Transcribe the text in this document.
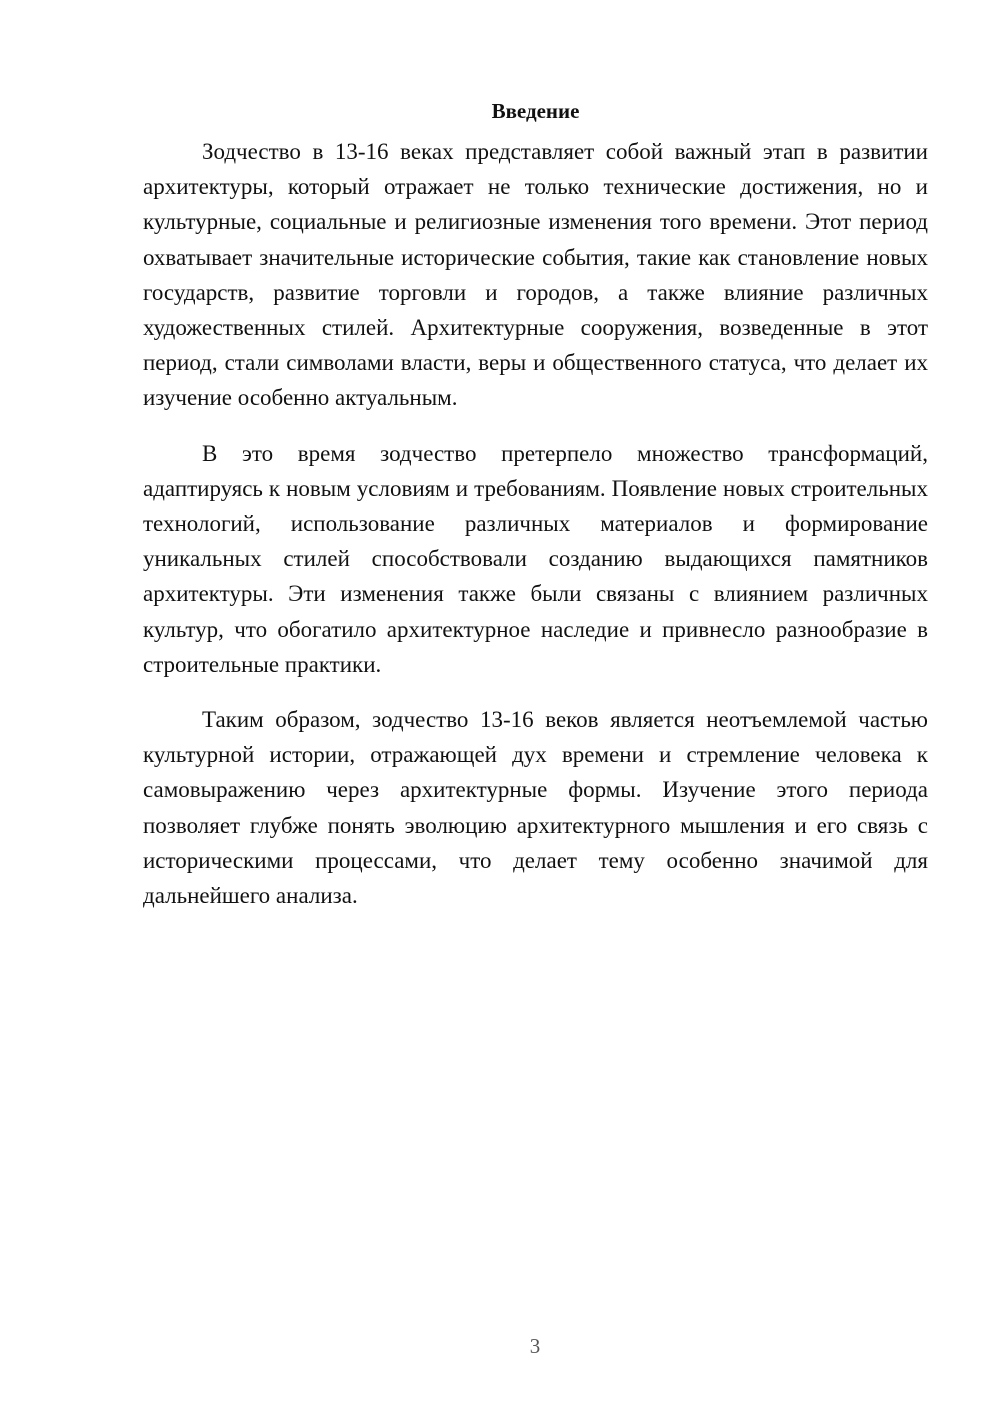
Введение

Зодчество в 13-16 веках представляет собой важный этап в развитии архитектуры, который отражает не только технические достижения, но и культурные, социальные и религиозные изменения того времени. Этот период охватывает значительные исторические события, такие как становление новых государств, развитие торговли и городов, а также влияние различных художественных стилей. Архитектурные сооружения, возведенные в этот период, стали символами власти, веры и общественного статуса, что делает их изучение особенно актуальным.

В это время зодчество претерпело множество трансформаций, адаптируясь к новым условиям и требованиям. Появление новых строительных технологий, использование различных материалов и формирование уникальных стилей способствовали созданию выдающихся памятников архитектуры. Эти изменения также были связаны с влиянием различных культур, что обогатило архитектурное наследие и привнесло разнообразие в строительные практики.

Таким образом, зодчество 13-16 веков является неотъемлемой частью культурной истории, отражающей дух времени и стремление человека к самовыражению через архитектурные формы. Изучение этого периода позволяет глубже понять эволюцию архитектурного мышления и его связь с историческими процессами, что делает тему особенно значимой для дальнейшего анализа.

3
